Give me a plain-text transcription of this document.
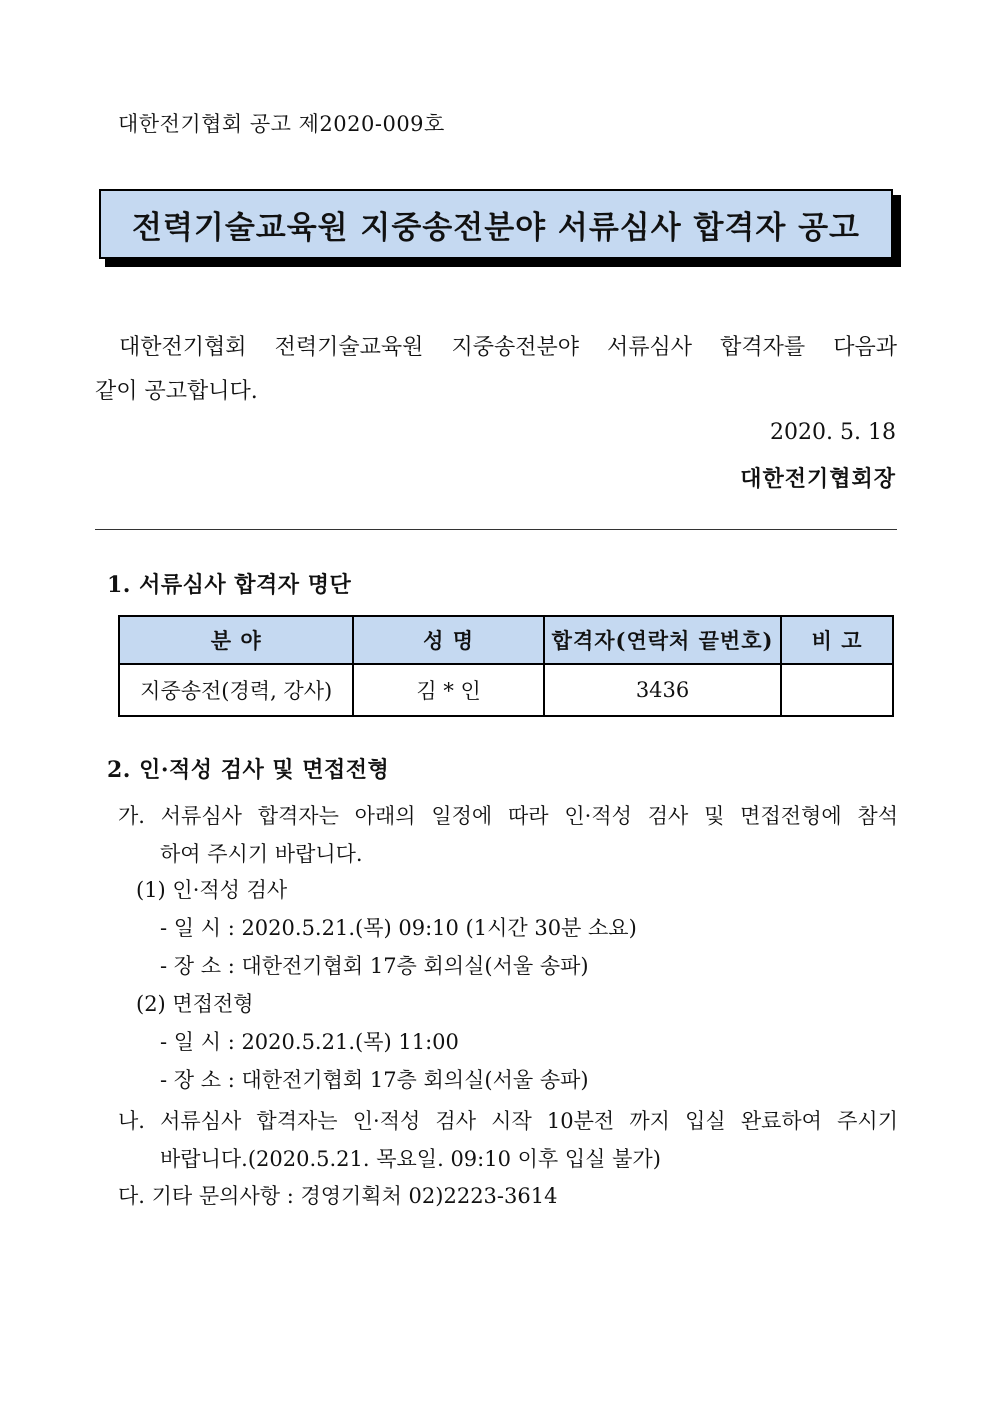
대한전기협회 공고 제2020-009호
전력기술교육원 지중송전분야 서류심사 합격자 공고
대한전기협회 전력기술교육원 지중송전분야 서류심사 합격자를 다음과
같이 공고합니다.
2020. 5. 18
대한전기협회장
1. 서류심사 합격자 명단
분 야	성 명	합격자(연락처 끝번호)	비 고
지중송전(경력, 강사)	김 * 인	3436	
2. 인·적성 검사 및 면접전형
가. 서류심사 합격자는 아래의 일정에 따라 인·적성 검사 및 면접전형에 참석
하여 주시기 바랍니다.
(1) 인·적성 검사
- 일 시 : 2020.5.21.(목) 09:10 (1시간 30분 소요)
- 장 소 : 대한전기협회 17층 회의실(서울 송파)
(2) 면접전형
- 일 시 : 2020.5.21.(목) 11:00
- 장 소 : 대한전기협회 17층 회의실(서울 송파)
나. 서류심사 합격자는 인·적성 검사 시작 10분전 까지 입실 완료하여 주시기
바랍니다.(2020.5.21. 목요일. 09:10 이후 입실 불가)
다. 기타 문의사항 : 경영기획처 02)2223-3614
